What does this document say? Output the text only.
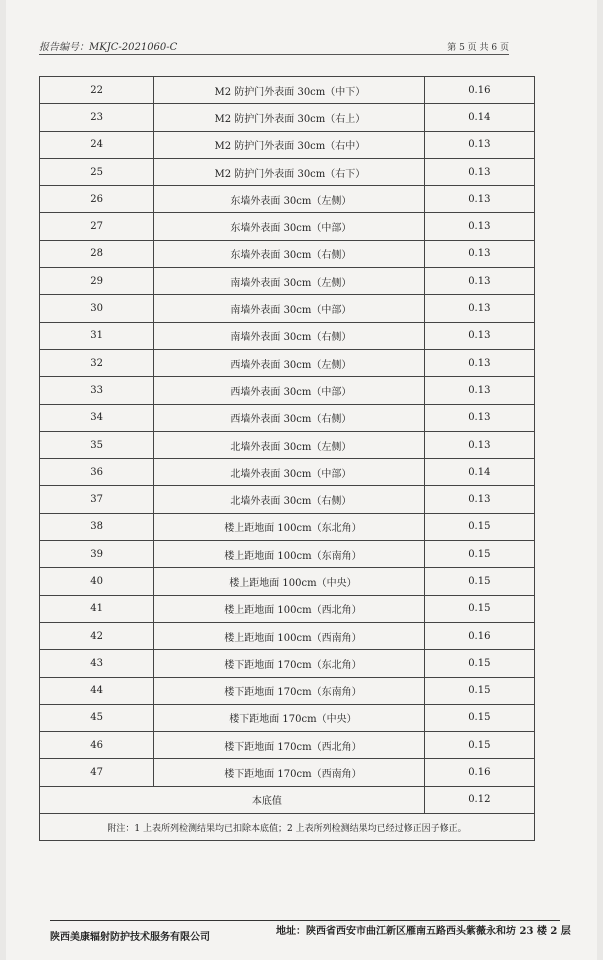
报告编号：MKJC-2021060-C	第 5 页 共 6 页
22	M2 防护门外表面 30cm（中下）	0.16
23	M2 防护门外表面 30cm（右上）	0.14
24	M2 防护门外表面 30cm（右中）	0.13
25	M2 防护门外表面 30cm（右下）	0.13
26	东墙外表面 30cm（左侧）	0.13
27	东墙外表面 30cm（中部）	0.13
28	东墙外表面 30cm（右侧）	0.13
29	南墙外表面 30cm（左侧）	0.13
30	南墙外表面 30cm（中部）	0.13
31	南墙外表面 30cm（右侧）	0.13
32	西墙外表面 30cm（左侧）	0.13
33	西墙外表面 30cm（中部）	0.13
34	西墙外表面 30cm（右侧）	0.13
35	北墙外表面 30cm（左侧）	0.13
36	北墙外表面 30cm（中部）	0.14
37	北墙外表面 30cm（右侧）	0.13
38	楼上距地面 100cm（东北角）	0.15
39	楼上距地面 100cm（东南角）	0.15
40	楼上距地面 100cm（中央）	0.15
41	楼上距地面 100cm（西北角）	0.15
42	楼上距地面 100cm（西南角）	0.16
43	楼下距地面 170cm（东北角）	0.15
44	楼下距地面 170cm（东南角）	0.15
45	楼下距地面 170cm（中央）	0.15
46	楼下距地面 170cm（西北角）	0.15
47	楼下距地面 170cm（西南角）	0.16
本底值		0.12
附注：1 上表所列检测结果均已扣除本底值；2 上表所列检测结果均已经过修正因子修正。		
陕西美康辐射防护技术服务有限公司
地址：陕西省西安市曲江新区雁南五路西头紫薇永和坊 23 楼 2 层
